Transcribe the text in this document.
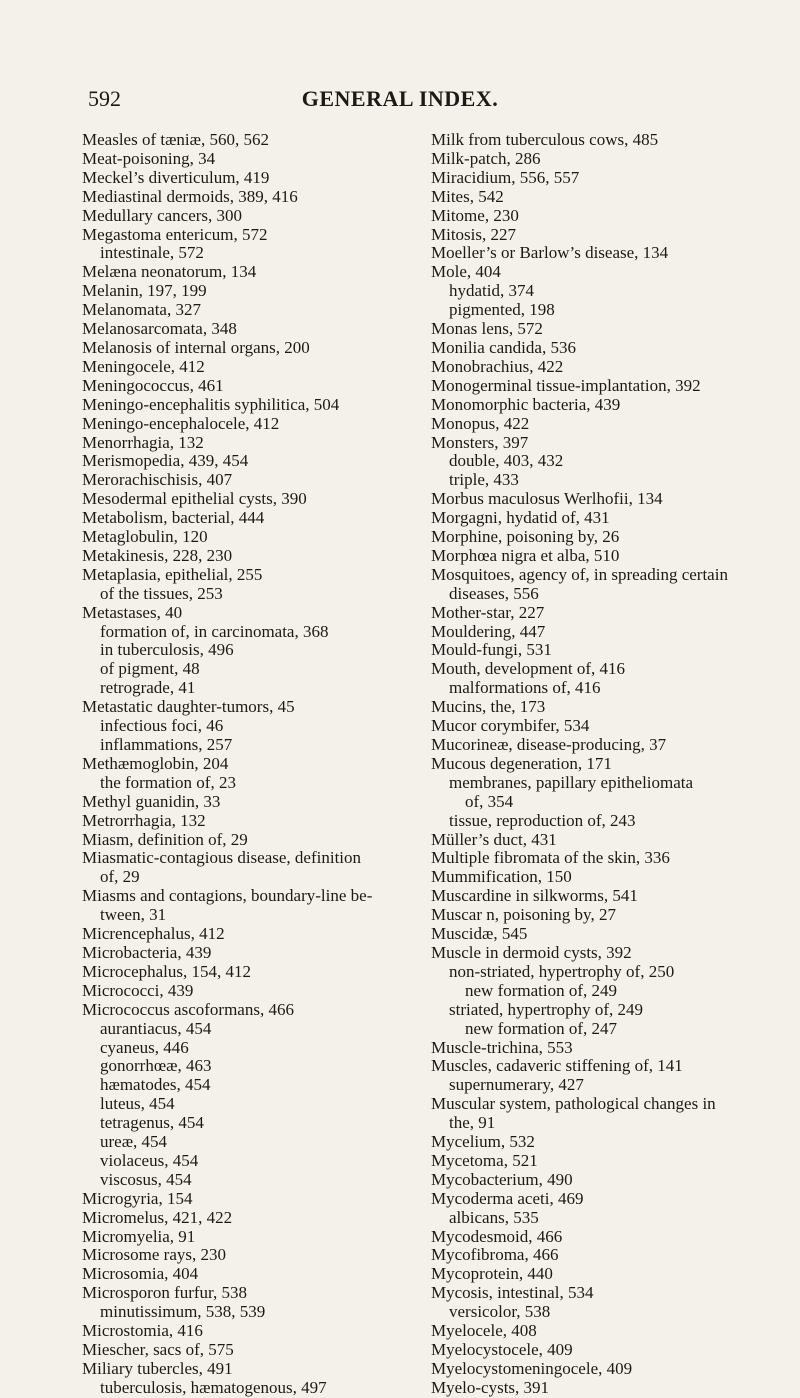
592	GENERAL INDEX.
Measles of tæniæ, 560, 562
Meat-poisoning, 34
Meckel’s diverticulum, 419
Mediastinal dermoids, 389, 416
Medullary cancers, 300
Megastoma entericum, 572
intestinale, 572
Melæna neonatorum, 134
Melanin, 197, 199
Melanomata, 327
Melanosarcomata, 348
Melanosis of internal organs, 200
Meningocele, 412
Meningococcus, 461
Meningo-encephalitis syphilitica, 504
Meningo-encephalocele, 412
Menorrhagia, 132
Merismopedia, 439, 454
Merorachischisis, 407
Mesodermal epithelial cysts, 390
Metabolism, bacterial, 444
Metaglobulin, 120
Metakinesis, 228, 230
Metaplasia, epithelial, 255
of the tissues, 253
Metastases, 40
formation of, in carcinomata, 368
in tuberculosis, 496
of pigment, 48
retrograde, 41
Metastatic daughter-tumors, 45
infectious foci, 46
inflammations, 257
Methæmoglobin, 204
the formation of, 23
Methyl guanidin, 33
Metrorrhagia, 132
Miasm, definition of, 29
Miasmatic-contagious disease, definition
of, 29
Miasms and contagions, boundary-line be-
tween, 31
Micrencephalus, 412
Microbacteria, 439
Microcephalus, 154, 412
Micrococci, 439
Micrococcus ascoformans, 466
aurantiacus, 454
cyaneus, 446
gonorrhœæ, 463
hæmatodes, 454
luteus, 454
tetragenus, 454
ureæ, 454
violaceus, 454
viscosus, 454
Microgyria, 154
Micromelus, 421, 422
Micromyelia, 91
Microsome rays, 230
Microsomia, 404
Microsporon furfur, 538
minutissimum, 538, 539
Microstomia, 416
Miescher, sacs of, 575
Miliary tubercles, 491
tuberculosis, hæmatogenous, 497
Milk from tuberculous cows, 485
Milk-patch, 286
Miracidium, 556, 557
Mites, 542
Mitome, 230
Mitosis, 227
Moeller’s or Barlow’s disease, 134
Mole, 404
hydatid, 374
pigmented, 198
Monas lens, 572
Monilia candida, 536
Monobrachius, 422
Monogerminal tissue-implantation, 392
Monomorphic bacteria, 439
Monopus, 422
Monsters, 397
double, 403, 432
triple, 433
Morbus maculosus Werlhofii, 134
Morgagni, hydatid of, 431
Morphine, poisoning by, 26
Morphœa nigra et alba, 510
Mosquitoes, agency of, in spreading certain
diseases, 556
Mother-star, 227
Mouldering, 447
Mould-fungi, 531
Mouth, development of, 416
malformations of, 416
Mucins, the, 173
Mucor corymbifer, 534
Mucorineæ, disease-producing, 37
Mucous degeneration, 171
membranes, papillary epitheliomata
of, 354
tissue, reproduction of, 243
Müller’s duct, 431
Multiple fibromata of the skin, 336
Mummification, 150
Muscardine in silkworms, 541
Muscar n, poisoning by, 27
Muscidæ, 545
Muscle in dermoid cysts, 392
non-striated, hypertrophy of, 250
new formation of, 249
striated, hypertrophy of, 249
new formation of, 247
Muscle-trichina, 553
Muscles, cadaveric stiffening of, 141
supernumerary, 427
Muscular system, pathological changes in
the, 91
Mycelium, 532
Mycetoma, 521
Mycobacterium, 490
Mycoderma aceti, 469
albicans, 535
Mycodesmoid, 466
Mycofibroma, 466
Mycoprotein, 440
Mycosis, intestinal, 534
versicolor, 538
Myelocele, 408
Myelocystocele, 409
Myelocystomeningocele, 409
Myelo-cysts, 391
